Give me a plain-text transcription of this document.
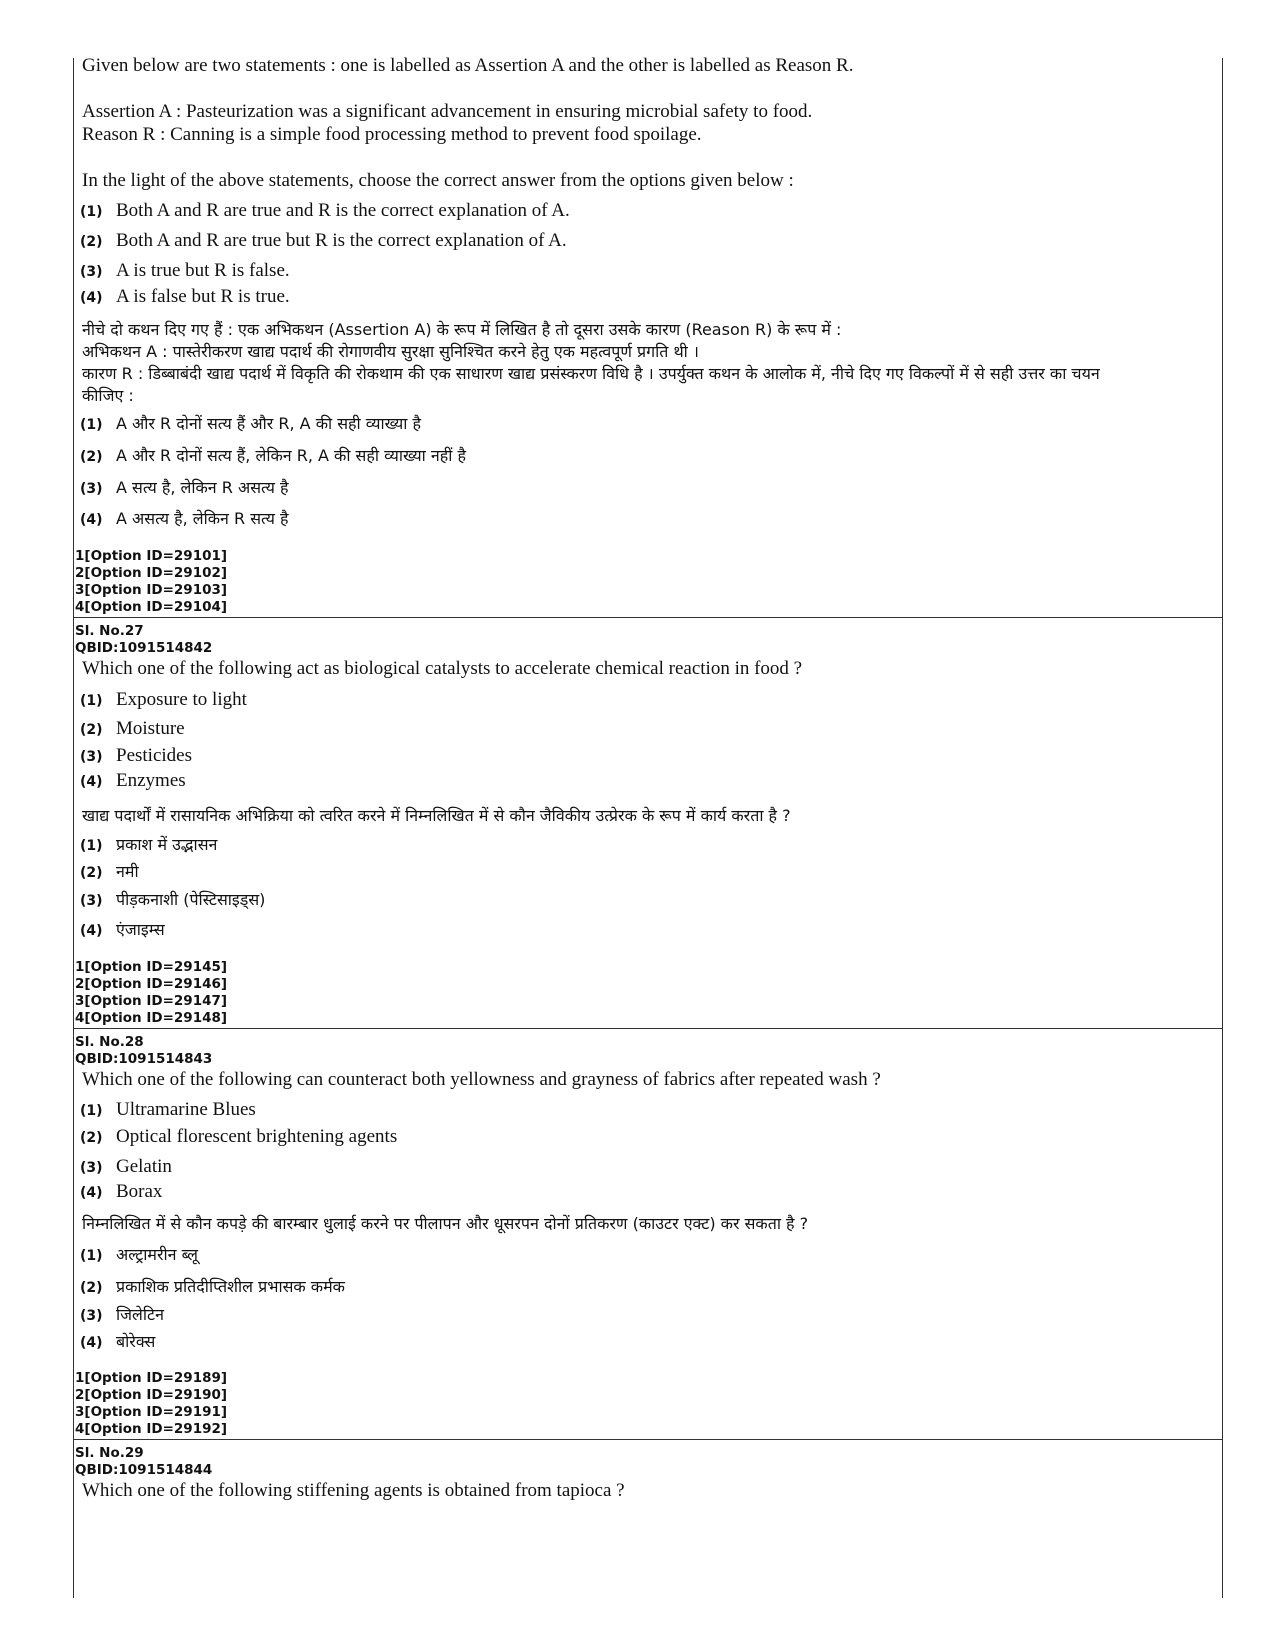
Given below are two statements : one is labelled as Assertion A and the other is labelled as Reason R.
Assertion A : Pasteurization was a significant advancement in ensuring microbial safety to food.
Reason R : Canning is a simple food processing method to prevent food spoilage.
In the light of the above statements, choose the correct answer from the options given below :
(1) Both A and R are true and R is the correct explanation of A.
(2) Both A and R are true but R is the correct explanation of A.
(3) A is true but R is false.
(4) A is false but R is true.
नीचे दो कथन दिए गए हैं : एक अभिकथन (Assertion A) के रूप में लिखित है तो दूसरा उसके कारण (Reason R) के रूप में :
अभिकथन A : पास्तेरीकरण खाद्य पदार्थ की रोगाणवीय सुरक्षा सुनिश्चित करने हेतु एक महत्वपूर्ण प्रगति थी ।
कारण R : डिब्बाबंदी खाद्य पदार्थ में विकृति की रोकथाम की एक साधारण खाद्य प्रसंस्करण विधि है । उपर्युक्त कथन के आलोक में, नीचे दिए गए विकल्पों में से सही उत्तर का चयन
कीजिए :
(1) A और R दोनों सत्य हैं और R, A की सही व्याख्या है
(2) A और R दोनों सत्य हैं, लेकिन R, A की सही व्याख्या नहीं है
(3) A सत्य है, लेकिन R असत्य है
(4) A असत्य है, लेकिन R सत्य है
1[Option ID=29101]
2[Option ID=29102]
3[Option ID=29103]
4[Option ID=29104]
Sl. No.27
QBID:1091514842
Which one of the following act as biological catalysts to accelerate chemical reaction in food ?
(1) Exposure to light
(2) Moisture
(3) Pesticides
(4) Enzymes
खाद्य पदार्थों में रासायनिक अभिक्रिया को त्वरित करने में निम्नलिखित में से कौन जैविकीय उत्प्रेरक के रूप में कार्य करता है ?
(1) प्रकाश में उद्भासन
(2) नमी
(3) पीड़कनाशी (पेस्टिसाइड्स)
(4) एंजाइम्स
1[Option ID=29145]
2[Option ID=29146]
3[Option ID=29147]
4[Option ID=29148]
Sl. No.28
QBID:1091514843
Which one of the following can counteract both yellowness and grayness of fabrics after repeated wash ?
(1) Ultramarine Blues
(2) Optical florescent brightening agents
(3) Gelatin
(4) Borax
निम्नलिखित में से कौन कपड़े की बारम्बार धुलाई करने पर पीलापन और धूसरपन दोनों प्रतिकरण (काउटर एक्ट) कर सकता है ?
(1) अल्ट्रामरीन ब्लू
(2) प्रकाशिक प्रतिदीप्तिशील प्रभासक कर्मक
(3) जिलेटिन
(4) बोरेक्स
1[Option ID=29189]
2[Option ID=29190]
3[Option ID=29191]
4[Option ID=29192]
Sl. No.29
QBID:1091514844
Which one of the following stiffening agents is obtained from tapioca ?
